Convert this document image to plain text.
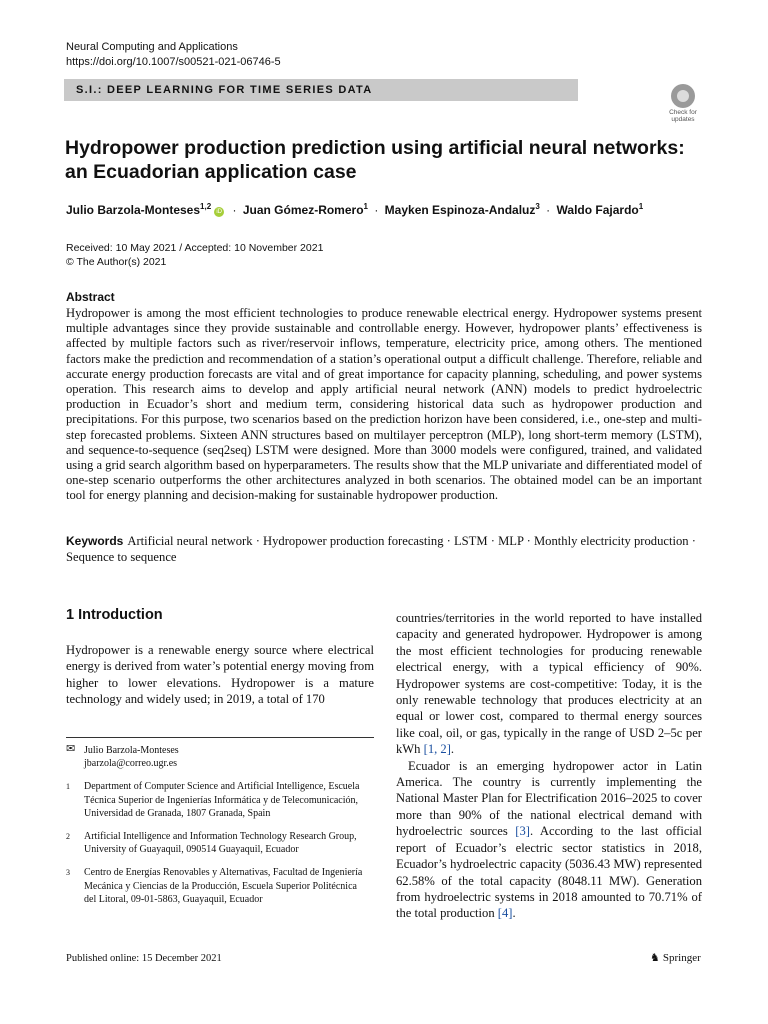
Neural Computing and Applications
https://doi.org/10.1007/s00521-021-06746-5
S.I.: DEEP LEARNING FOR TIME SERIES DATA
Check for
updates
Hydropower production prediction using artificial neural networks: an Ecuadorian application case
Julio Barzola-Monteses$^{1,2}$iD · Juan Gómez-Romero$^1$ · Mayken Espinoza-Andaluz$^3$ · Waldo Fajardo$^1$
Received: 10 May 2021 / Accepted: 10 November 2021
© The Author(s) 2021
Abstract

Hydropower is among the most efficient technologies to produce renewable electrical energy. Hydropower systems present multiple advantages since they provide sustainable and controllable energy. However, hydropower plants’ effectiveness is affected by multiple factors such as river/reservoir inflows, temperature, electricity price, among others. The mentioned factors make the prediction and recommendation of a station’s operational output a difficult challenge. Therefore, reliable and accurate energy production forecasts are vital and of great importance for capacity planning, scheduling, and power systems operation. This research aims to develop and apply artificial neural network (ANN) models to predict hydroelectric production in Ecuador’s short and medium term, considering historical data such as hydropower production and precipitations. For this purpose, two scenarios based on the prediction horizon have been considered, i.e., one-step and multi-step forecasted problems. Sixteen ANN structures based on multilayer perceptron (MLP), long short-term memory (LSTM), and sequence-to-sequence (seq2seq) LSTM were designed. More than 3000 models were configured, trained, and validated using a grid search algorithm based on hyperparameters. The results show that the MLP univariate and differentiated model of one-step scenario outperforms the other architectures analyzed in both scenarios. The obtained model can be an important tool for energy planning and decision-making for sustainable hydropower production.

Keywords Artificial neural network · Hydropower production forecasting · LSTM · MLP · Monthly electricity production · Sequence to sequence
1 Introduction

Hydropower is a renewable energy source where electrical energy is derived from water’s potential energy moving from higher to lower elevations. Hydropower is a mature technology and widely used; in 2019, a total of 170

countries/territories in the world reported to have installed capacity and generated hydropower. Hydropower is among the most efficient technologies for producing renewable electrical energy, with a typical efficiency of 90%. Hydropower systems are cost-competitive: Today, it is the only renewable technology that produces electricity at an equal or lower cost, compared to thermal energy sources like coal, oil, or gas, typically in the range of USD 2–5c per kWh [1, 2].

Ecuador is an emerging hydropower actor in Latin America. The country is currently implementing the National Master Plan for Electrification 2016–2025 to cover more than 90% of the national electrical demand with hydroelectric sources [3]. According to the last official report of Ecuador’s electric sector statistics in 2018, Ecuador’s hydroelectric capacity (5036.43 MW) represented 62.58% of the total capacity (8048.11 MW). Generation from hydroelectric systems in 2018 amounted to 70.71% of the total production [4].

✉ Julio Barzola-Monteses
jbarzola@correo.ugr.es
1 Department of Computer Science and Artificial Intelligence, Escuela Técnica Superior de Ingenierías Informática y de Telecomunicación, Universidad de Granada, 1807 Granada, Spain
2 Artificial Intelligence and Information Technology Research Group, University of Guayaquil, 090514 Guayaquil, Ecuador
3 Centro de Energías Renovables y Alternativas, Facultad de Ingeniería Mecánica y Ciencias de la Producción, Escuela Superior Politécnica del Litoral, 09-01-5863, Guayaquil, Ecuador
Published online: 15 December 2021	♞ Springer
